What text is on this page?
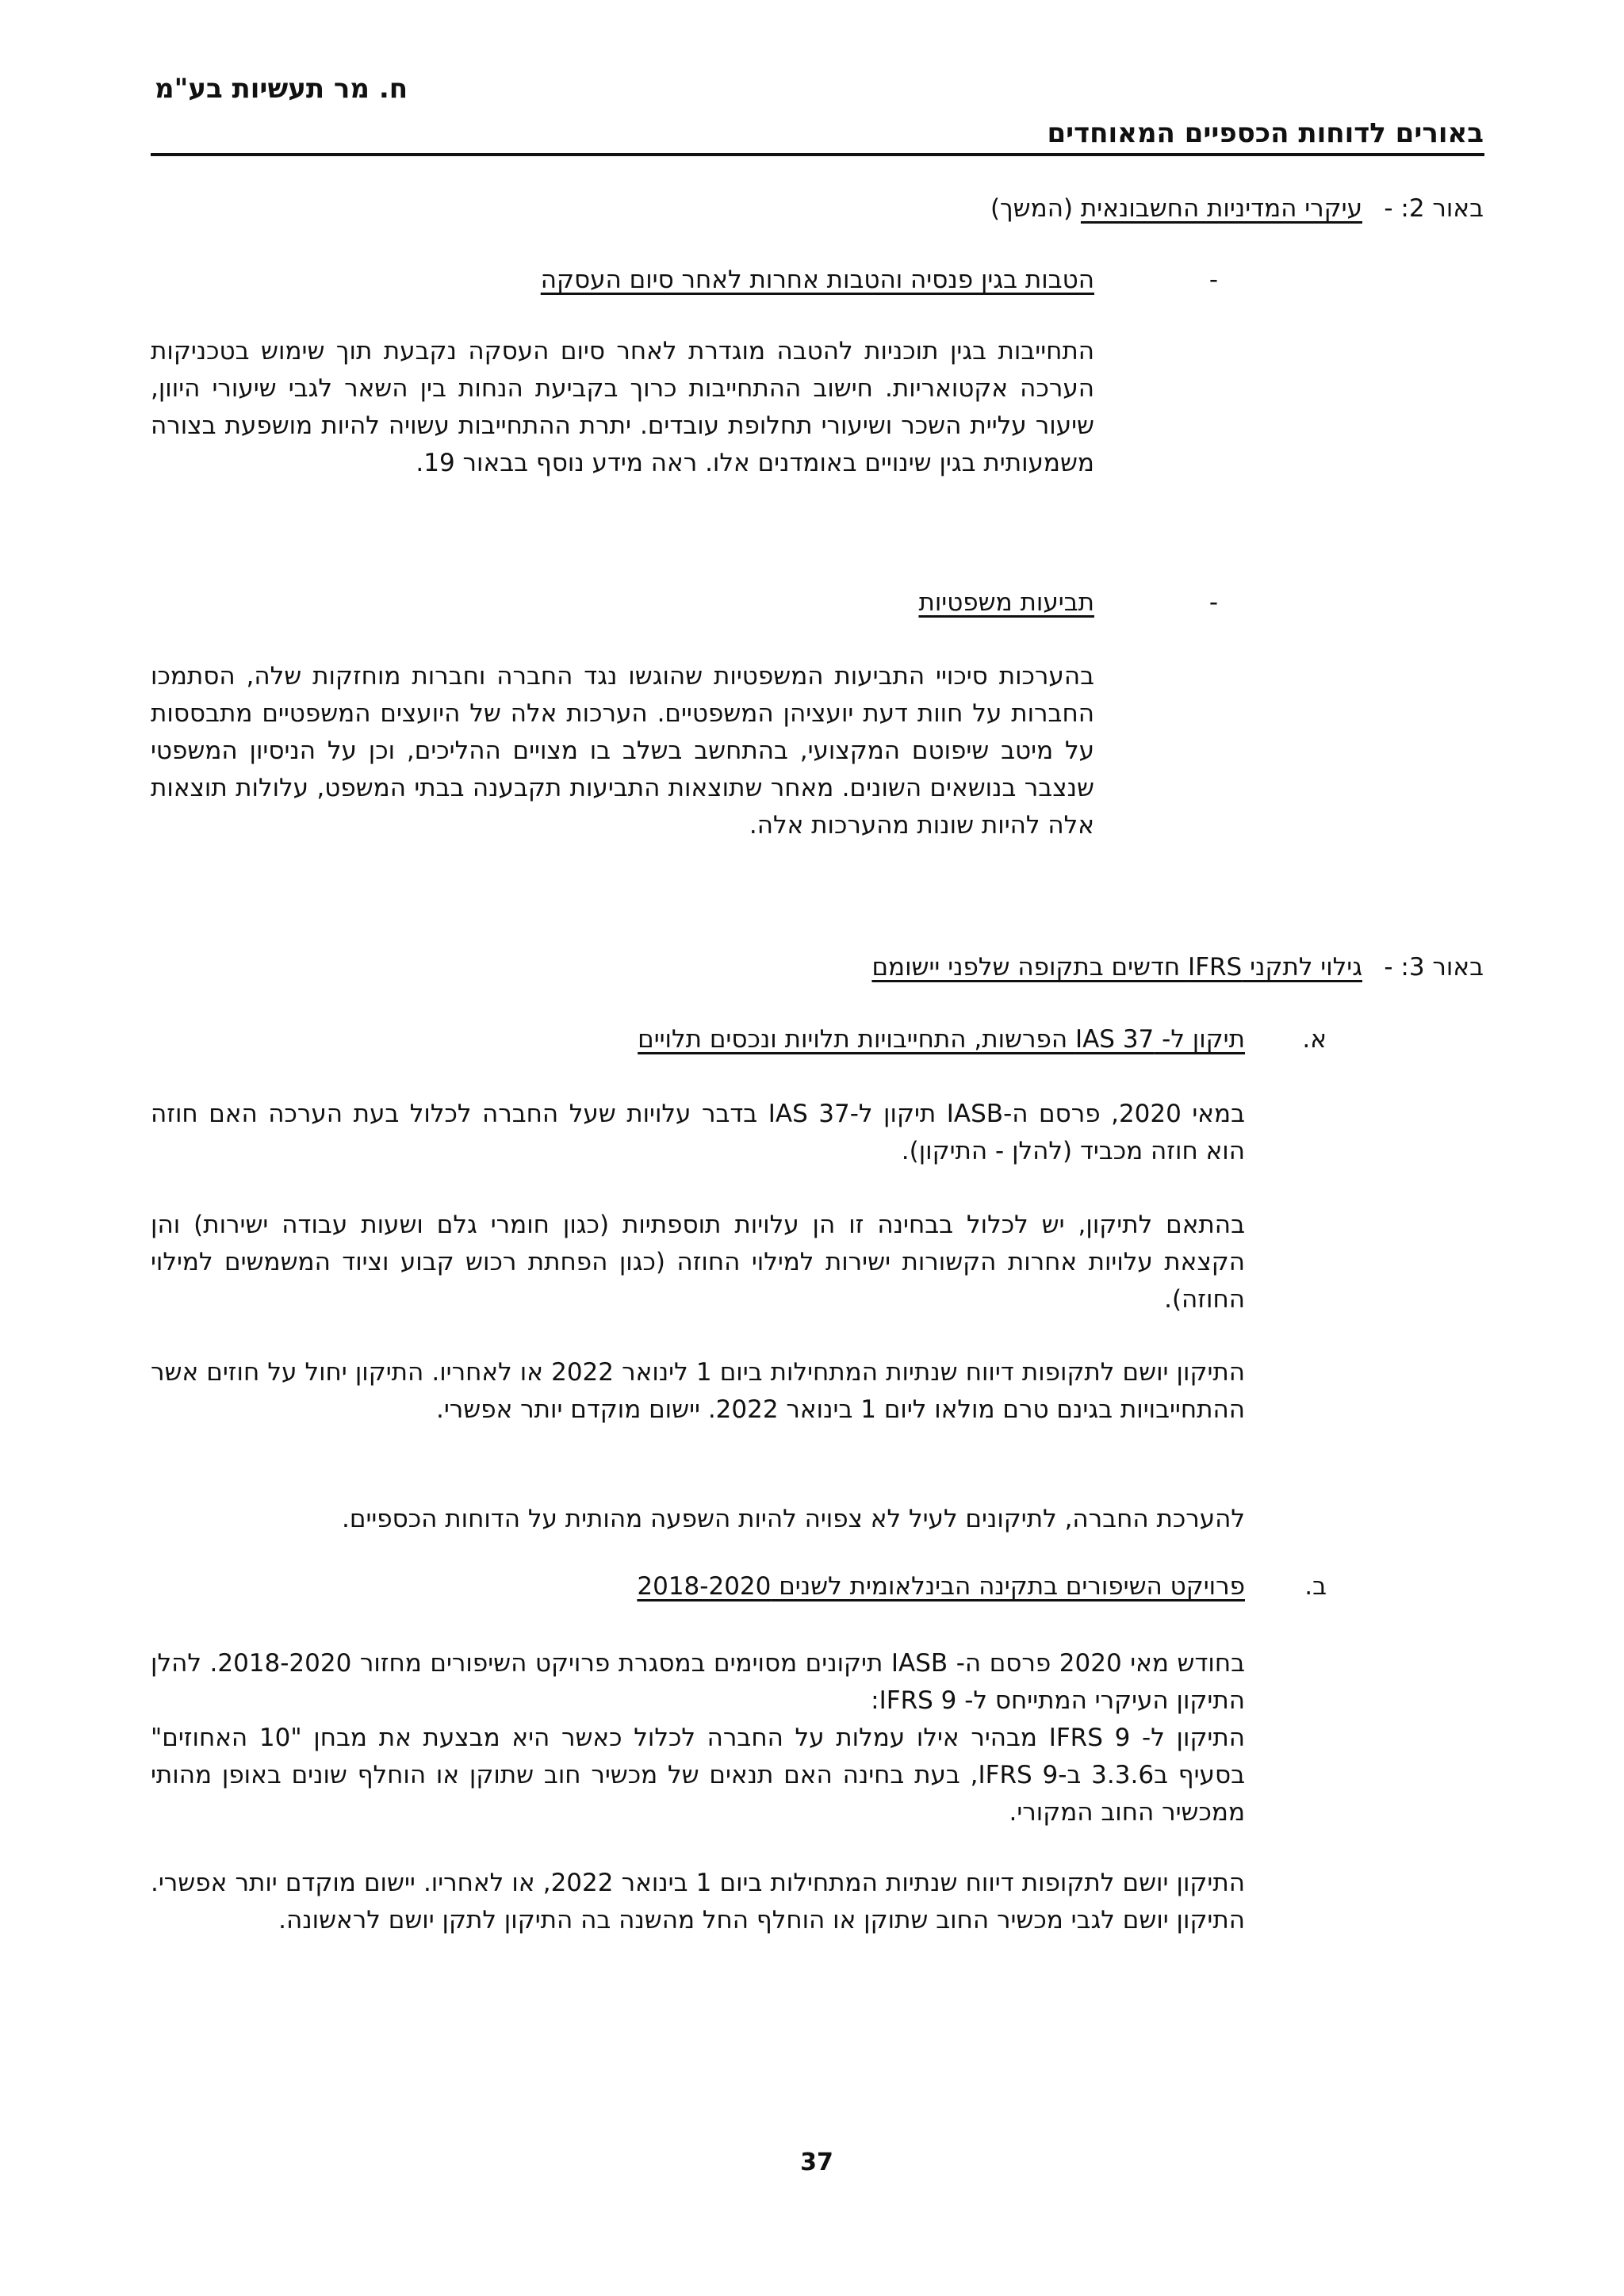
ח. מר תעשיות בע"מ
באורים לדוחות הכספיים המאוחדים
באור 2: -
עיקרי המדיניות החשבונאית (המשך)
-
הטבות בגין פנסיה והטבות אחרות לאחר סיום העסקה
התחייבות בגין תוכניות להטבה מוגדרת לאחר סיום העסקה נקבעת תוך שימוש בטכניקות הערכה אקטואריות. חישוב ההתחייבות כרוך בקביעת הנחות בין השאר לגבי שיעורי היוון, שיעור עליית השכר ושיעורי תחלופת עובדים. יתרת ההתחייבות עשויה להיות מושפעת בצורה משמעותית בגין שינויים באומדנים אלו. ראה מידע נוסף בבאור 19.
-
תביעות משפטיות
בהערכות סיכויי התביעות המשפטיות שהוגשו נגד החברה וחברות מוחזקות שלה, הסתמכו החברות על חוות דעת יועציהן המשפטיים. הערכות אלה של היועצים המשפטיים מתבססות על מיטב שיפוטם המקצועי, בהתחשב בשלב בו מצויים ההליכים, וכן על הניסיון המשפטי שנצבר בנושאים השונים. מאחר שתוצאות התביעות תקבענה בבתי המשפט, עלולות תוצאות אלה להיות שונות מהערכות אלה.
באור 3: -
גילוי לתקני IFRS חדשים בתקופה שלפני יישומם
א.
תיקון ל- IAS 37 הפרשות, התחייבויות תלויות ונכסים תלויים
במאי 2020, פרסם ה-IASB תיקון ל-IAS 37 בדבר עלויות שעל החברה לכלול בעת הערכה האם חוזה הוא חוזה מכביד (להלן - התיקון).
בהתאם לתיקון, יש לכלול בבחינה זו הן עלויות תוספתיות (כגון חומרי גלם ושעות עבודה ישירות) והן הקצאת עלויות אחרות הקשורות ישירות למילוי החוזה (כגון הפחתת רכוש קבוע וציוד המשמשים למילוי החוזה).
התיקון יושם לתקופות דיווח שנתיות המתחילות ביום 1 לינואר 2022 או לאחריו. התיקון יחול על חוזים אשר ההתחייבויות בגינם טרם מולאו ליום 1 בינואר 2022. יישום מוקדם יותר אפשרי.
להערכת החברה, לתיקונים לעיל לא צפויה להיות השפעה מהותית על הדוחות הכספיים.
ב.
פרויקט השיפורים בתקינה הבינלאומית לשנים 2018-2020
בחודש מאי 2020 פרסם ה- IASB תיקונים מסוימים במסגרת פרויקט השיפורים מחזור 2018-2020. להלן התיקון העיקרי המתייחס ל- IFRS 9:
התיקון ל- IFRS 9 מבהיר אילו עמלות על החברה לכלול כאשר היא מבצעת את מבחן "10 האחוזים" בסעיף ב3.3.6 ב-IFRS 9, בעת בחינה האם תנאים של מכשיר חוב שתוקן או הוחלף שונים באופן מהותי ממכשיר החוב המקורי.
התיקון יושם לתקופות דיווח שנתיות המתחילות ביום 1 בינואר 2022, או לאחריו. יישום מוקדם יותר אפשרי. התיקון יושם לגבי מכשיר החוב שתוקן או הוחלף החל מהשנה בה התיקון לתקן יושם לראשונה.
37
